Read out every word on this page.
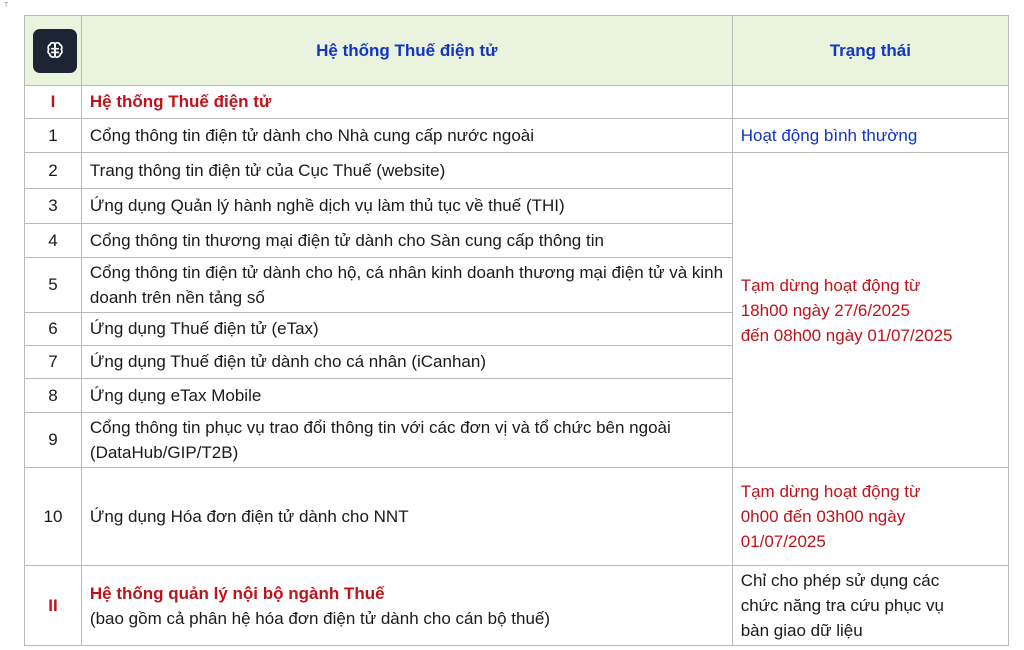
T
	Hệ thống Thuế điện tử	Trạng thái
I	Hệ thống Thuế điện tử	
1	Cổng thông tin điện tử dành cho Nhà cung cấp nước ngoài	Hoạt động bình thường
2	Trang thông tin điện tử của Cục Thuế (website)	Tạm dừng hoạt động từ
18h00 ngày 27/6/2025
đến 08h00 ngày 01/07/2025
3	Ứng dụng Quản lý hành nghề dịch vụ làm thủ tục về thuế (THI)	
4	Cổng thông tin thương mại điện tử dành cho Sàn cung cấp thông tin	
5	Cổng thông tin điện tử dành cho hộ, cá nhân kinh doanh thương mại điện tử và kinh doanh trên nền tảng số	
6	Ứng dụng Thuế điện tử (eTax)	
7	Ứng dụng Thuế điện tử dành cho cá nhân (iCanhan)	
8	Ứng dụng eTax Mobile	
9	Cổng thông tin phục vụ trao đổi thông tin với các đơn vị và tổ chức bên ngoài (DataHub/GIP/T2B)	
10	Ứng dụng Hóa đơn điện tử dành cho NNT	Tạm dừng hoạt động từ
0h00 đến 03h00 ngày
01/07/2025
II	Hệ thống quản lý nội bộ ngành Thuế
(bao gồm cả phân hệ hóa đơn điện tử dành cho cán bộ thuế)	Chỉ cho phép sử dụng các
chức năng tra cứu phục vụ
bàn giao dữ liệu
